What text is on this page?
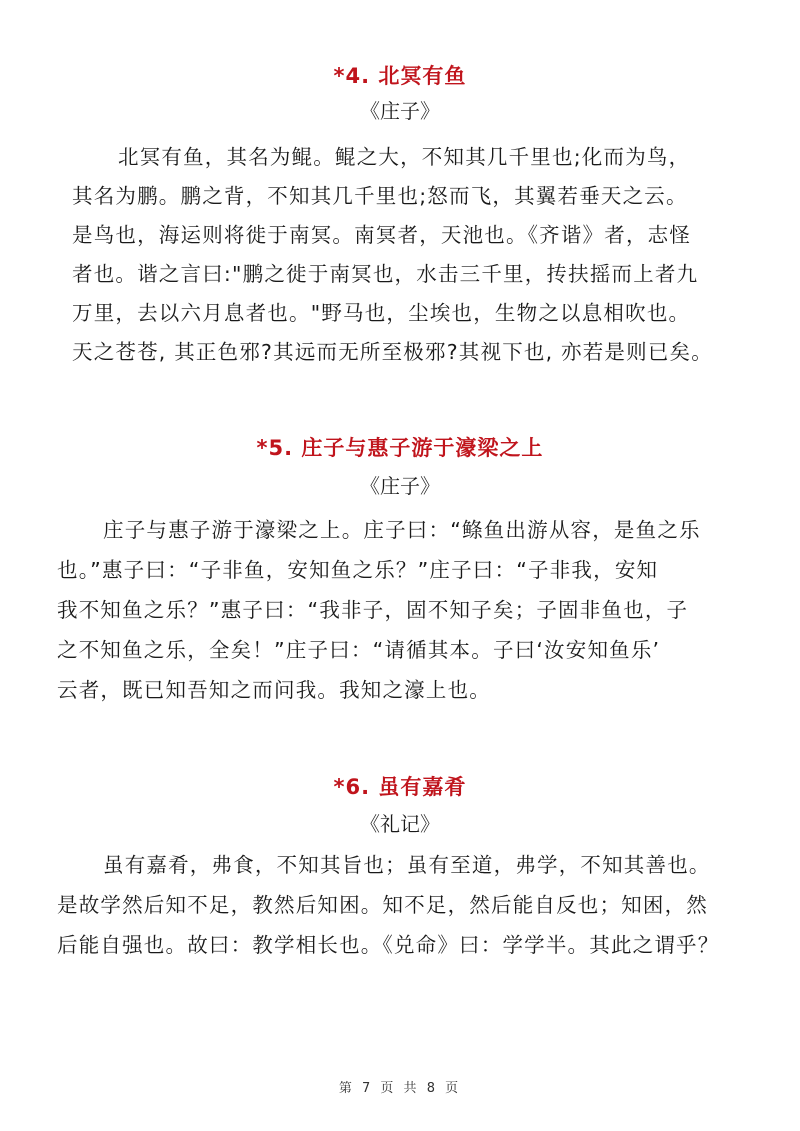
*4. 北冥有鱼
《庄子》
北冥有鱼，其名为鲲。鲲之大，不知其几千里也;化而为鸟，
其名为鹏。鹏之背，不知其几千里也;怒而飞，其翼若垂天之云。
是鸟也，海运则将徙于南冥。南冥者，天池也。《齐谐》者，志怪
者也。谐之言曰:"鹏之徙于南冥也，水击三千里，抟扶摇而上者九
万里，去以六月息者也。"野马也，尘埃也，生物之以息相吹也。
天之苍苍, 其正色邪?其远而无所至极邪?其视下也, 亦若是则已矣。
*5. 庄子与惠子游于濠梁之上
《庄子》
庄子与惠子游于濠梁之上。庄子曰：“鲦鱼出游从容，是鱼之乐
也。”惠子曰：“子非鱼，安知鱼之乐？”庄子曰：“子非我，安知
我不知鱼之乐？”惠子曰：“我非子，固不知子矣；子固非鱼也，子
之不知鱼之乐，全矣！”庄子曰：“请循其本。子曰‘汝安知鱼乐’
云者，既已知吾知之而问我。我知之濠上也。
*6. 虽有嘉肴
《礼记》
虽有嘉肴，弗食，不知其旨也；虽有至道，弗学，不知其善也。
是故学然后知不足，教然后知困。知不足，然后能自反也；知困，然
后能自强也。故曰：教学相长也。《兑命》曰：学学半。其此之谓乎？
第 7 页 共 8 页
